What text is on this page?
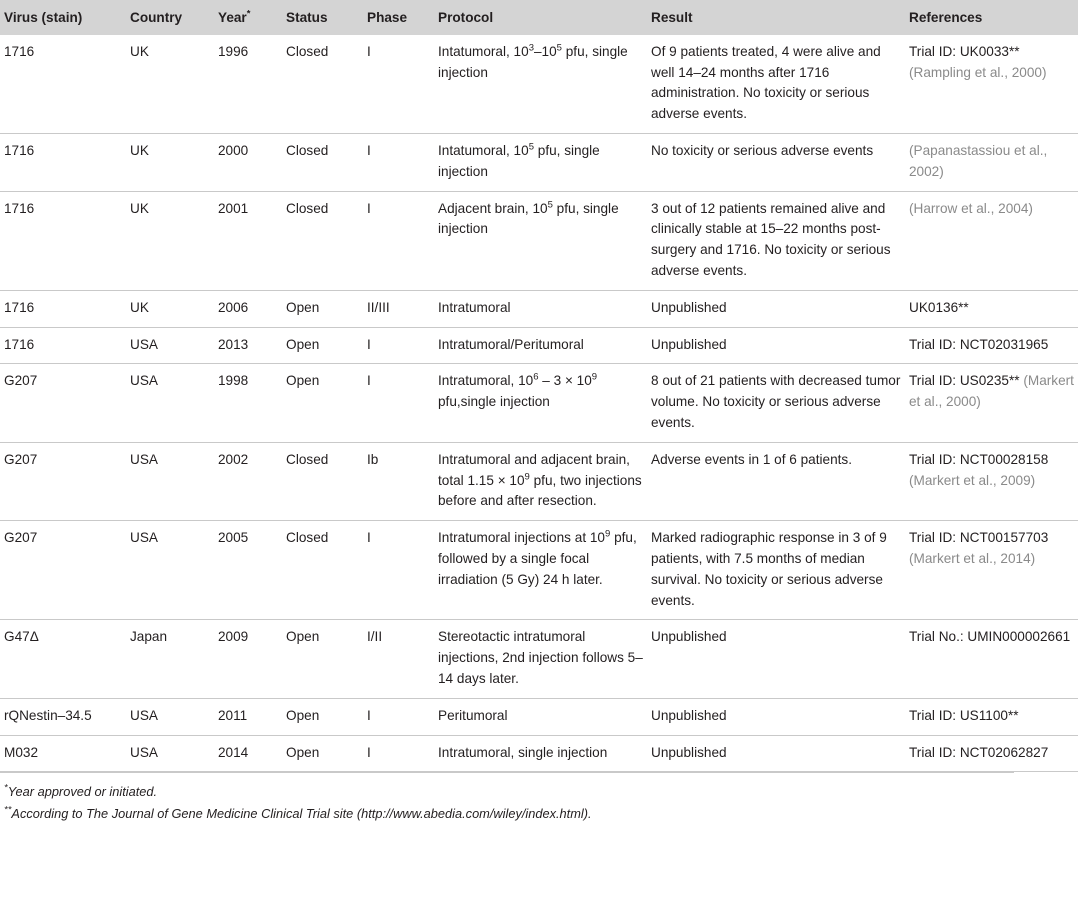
Virus (stain)	Country	Year*	Status	Phase	Protocol	Result	References
1716	UK	1996	Closed	I	Intatumoral, $10^3-10^5$ pfu, single injection	Of 9 patients treated, 4 were alive and well 14–24 months after 1716 administration. No toxicity or serious adverse events.	Trial ID: UK0033** (Rampling et al., 2000)
1716	UK	2000	Closed	I	Intatumoral, $10^5$ pfu, single injection	No toxicity or serious adverse events	(Papanastassiou et al., 2002)
1716	UK	2001	Closed	I	Adjacent brain, $10^5$ pfu, single injection	3 out of 12 patients remained alive and clinically stable at 15–22 months post-surgery and 1716. No toxicity or serious adverse events.	(Harrow et al., 2004)
1716	UK	2006	Open	II/III	Intratumoral	Unpublished	UK0136**
1716	USA	2013	Open	I	Intratumoral/Peritumoral	Unpublished	Trial ID: NCT02031965
G207	USA	1998	Open	I	Intratumoral, $10^6 - 3 \times 10^9$ pfu,single injection	8 out of 21 patients with decreased tumor volume. No toxicity or serious adverse events.	Trial ID: US0235** (Markert et al., 2000)
G207	USA	2002	Closed	Ib	Intratumoral and adjacent brain, total $1.15 \times 10^9$ pfu, two injections before and after resection.	Adverse events in 1 of 6 patients.	Trial ID: NCT00028158 (Markert et al., 2009)
G207	USA	2005	Closed	I	Intratumoral injections at $10^9$ pfu, followed by a single focal irradiation (5 Gy) 24 h later.	Marked radiographic response in 3 of 9 patients, with 7.5 months of median survival. No toxicity or serious adverse events.	Trial ID: NCT00157703 (Markert et al., 2014)
G47Δ	Japan	2009	Open	I/II	Stereotactic intratumoral injections, 2nd injection follows 5–14 days later.	Unpublished	Trial No.: UMIN000002661
rQNestin–34.5	USA	2011	Open	I	Peritumoral	Unpublished	Trial ID: US1100**
M032	USA	2014	Open	I	Intratumoral, single injection	Unpublished	Trial ID: NCT02062827
*Year approved or initiated.
**According to The Journal of Gene Medicine Clinical Trial site (http://www.abedia.com/wiley/index.html).
